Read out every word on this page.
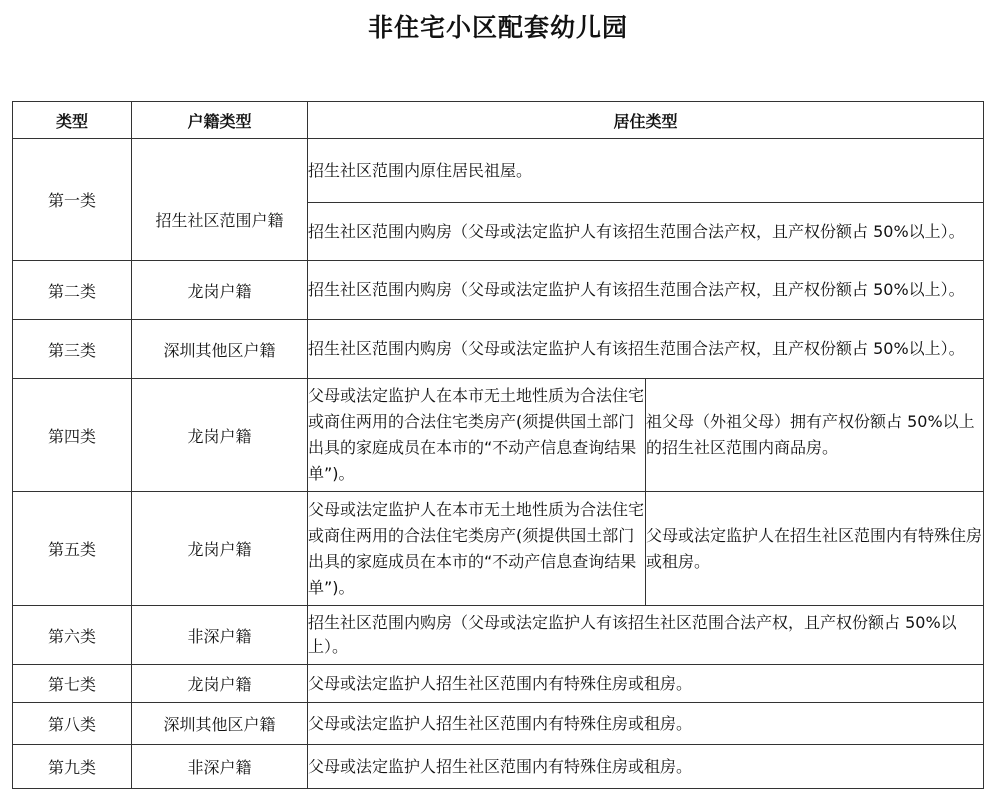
非住宅小区配套幼儿园
类型	户籍类型	居住类型	
第一类	招生社区范围户籍	招生社区范围内原住居民祖屋。	
		招生社区范围内购房（父母或法定监护人有该招生范围合法产权，且产权份额占 50%以上）。	
第二类	龙岗户籍	招生社区范围内购房（父母或法定监护人有该招生范围合法产权，且产权份额占 50%以上）。	
第三类	深圳其他区户籍	招生社区范围内购房（父母或法定监护人有该招生范围合法产权，且产权份额占 50%以上）。	
第四类	龙岗户籍	父母或法定监护人在本市无土地性质为合法住宅或商住两用的合法住宅类房产(须提供国土部门出具的家庭成员在本市的“不动产信息查询结果单”)。	祖父母（外祖父母）拥有产权份额占 50%以上的招生社区范围内商品房。
第五类	龙岗户籍	父母或法定监护人在本市无土地性质为合法住宅或商住两用的合法住宅类房产(须提供国土部门出具的家庭成员在本市的“不动产信息查询结果单”)。	父母或法定监护人在招生社区范围内有特殊住房或租房。
第六类	非深户籍	招生社区范围内购房（父母或法定监护人有该招生社区范围合法产权，且产权份额占 50%以上）。	
第七类	龙岗户籍	父母或法定监护人招生社区范围内有特殊住房或租房。	
第八类	深圳其他区户籍	父母或法定监护人招生社区范围内有特殊住房或租房。	
第九类	非深户籍	父母或法定监护人招生社区范围内有特殊住房或租房。	
